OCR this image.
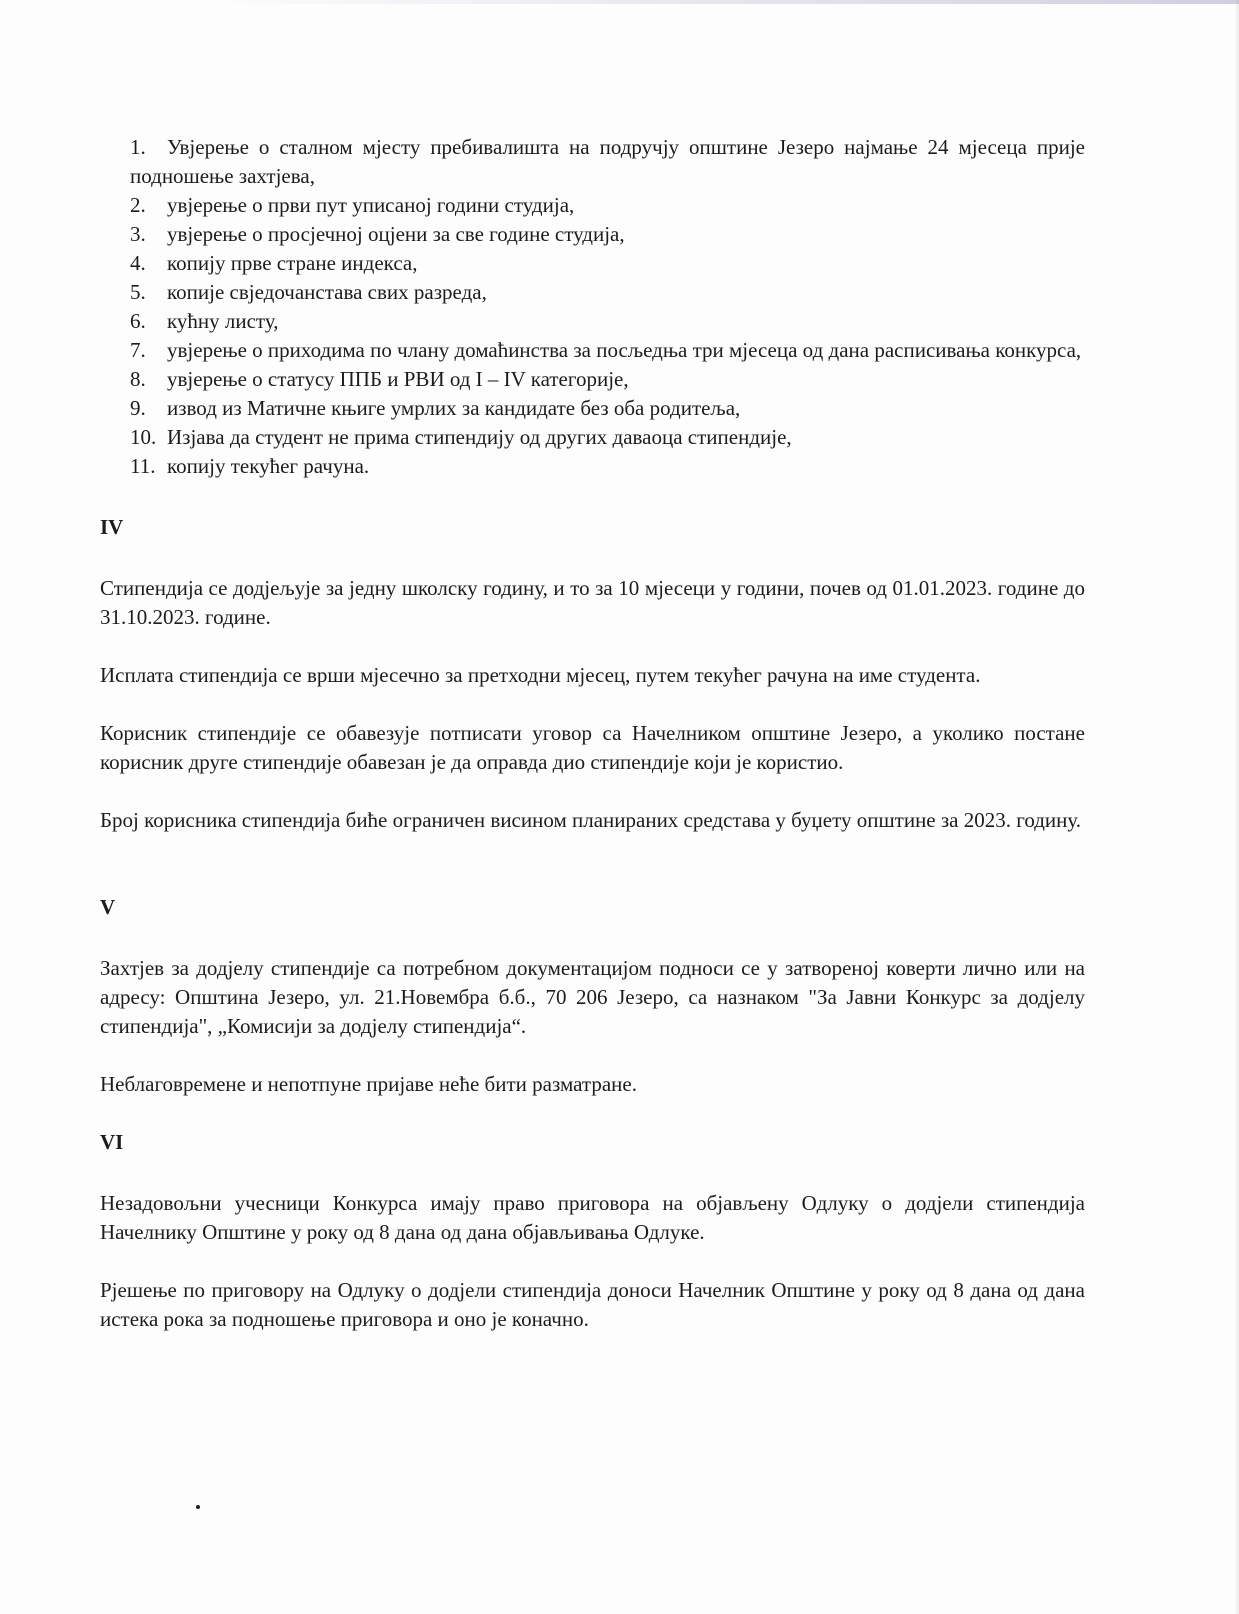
1. Увјерење о сталном мјесту пребивалишта на подручју општине Језеро најмање 24 мјесеца прије подношење захтјева,
2. увјерење о први пут уписаној години студија,
3. увјерење о просјечној оцјени за све године студија,
4. копију прве стране индекса,
5. копије свједочанстава свих разреда,
6. кућну листу,
7. увјерење о приходима по члану домаћинства за посљедња три мјесеца од дана расписивања конкурса,
8. увјерење о статусу ППБ и РВИ од I – IV категорије,
9. извод из Матичне књиге умрлих за кандидате без оба родитеља,
10. Изјава да студент не прима стипендију од других даваоца стипендије,
11. копију текућег рачуна.
IV

Стипендија се додјељује за једну школску годину, и то за 10 мјесеци у години, почев од 01.01.2023. године до 31.10.2023. године.

Исплата стипендија се врши мјесечно за претходни мјесец, путем текућег рачуна на име студента.

Корисник стипендије се обавезује потписати уговор са Начелником општине Језеро, а уколико постане корисник друге стипендије обавезан је да оправда дио стипендије који је користио.

Број корисника стипендија биће ограничен висином планираних средстава у буџету општине за 2023. годину.

V

Захтјев за додјелу стипендије са потребном документацијом подноси се у затвореној коверти лично или на адресу: Општина Језеро, ул. 21.Новембра б.б., 70 206 Језеро, са назнаком "За Јавни Конкурс за додјелу стипендија", „Комисији за додјелу стипендија“.

Неблаговремене и непотпуне пријаве неће бити разматране.

VI

Незадовољни учесници Конкурса имају право приговора на објављену Одлуку о додјели стипендија Начелнику Општине у року од 8 дана од дана објављивања Одлуке.

Рјешење по приговору на Одлуку о додјели стипендија доноси Начелник Општине у року од 8 дана од дана истека рока за подношење приговора и оно је коначно.
